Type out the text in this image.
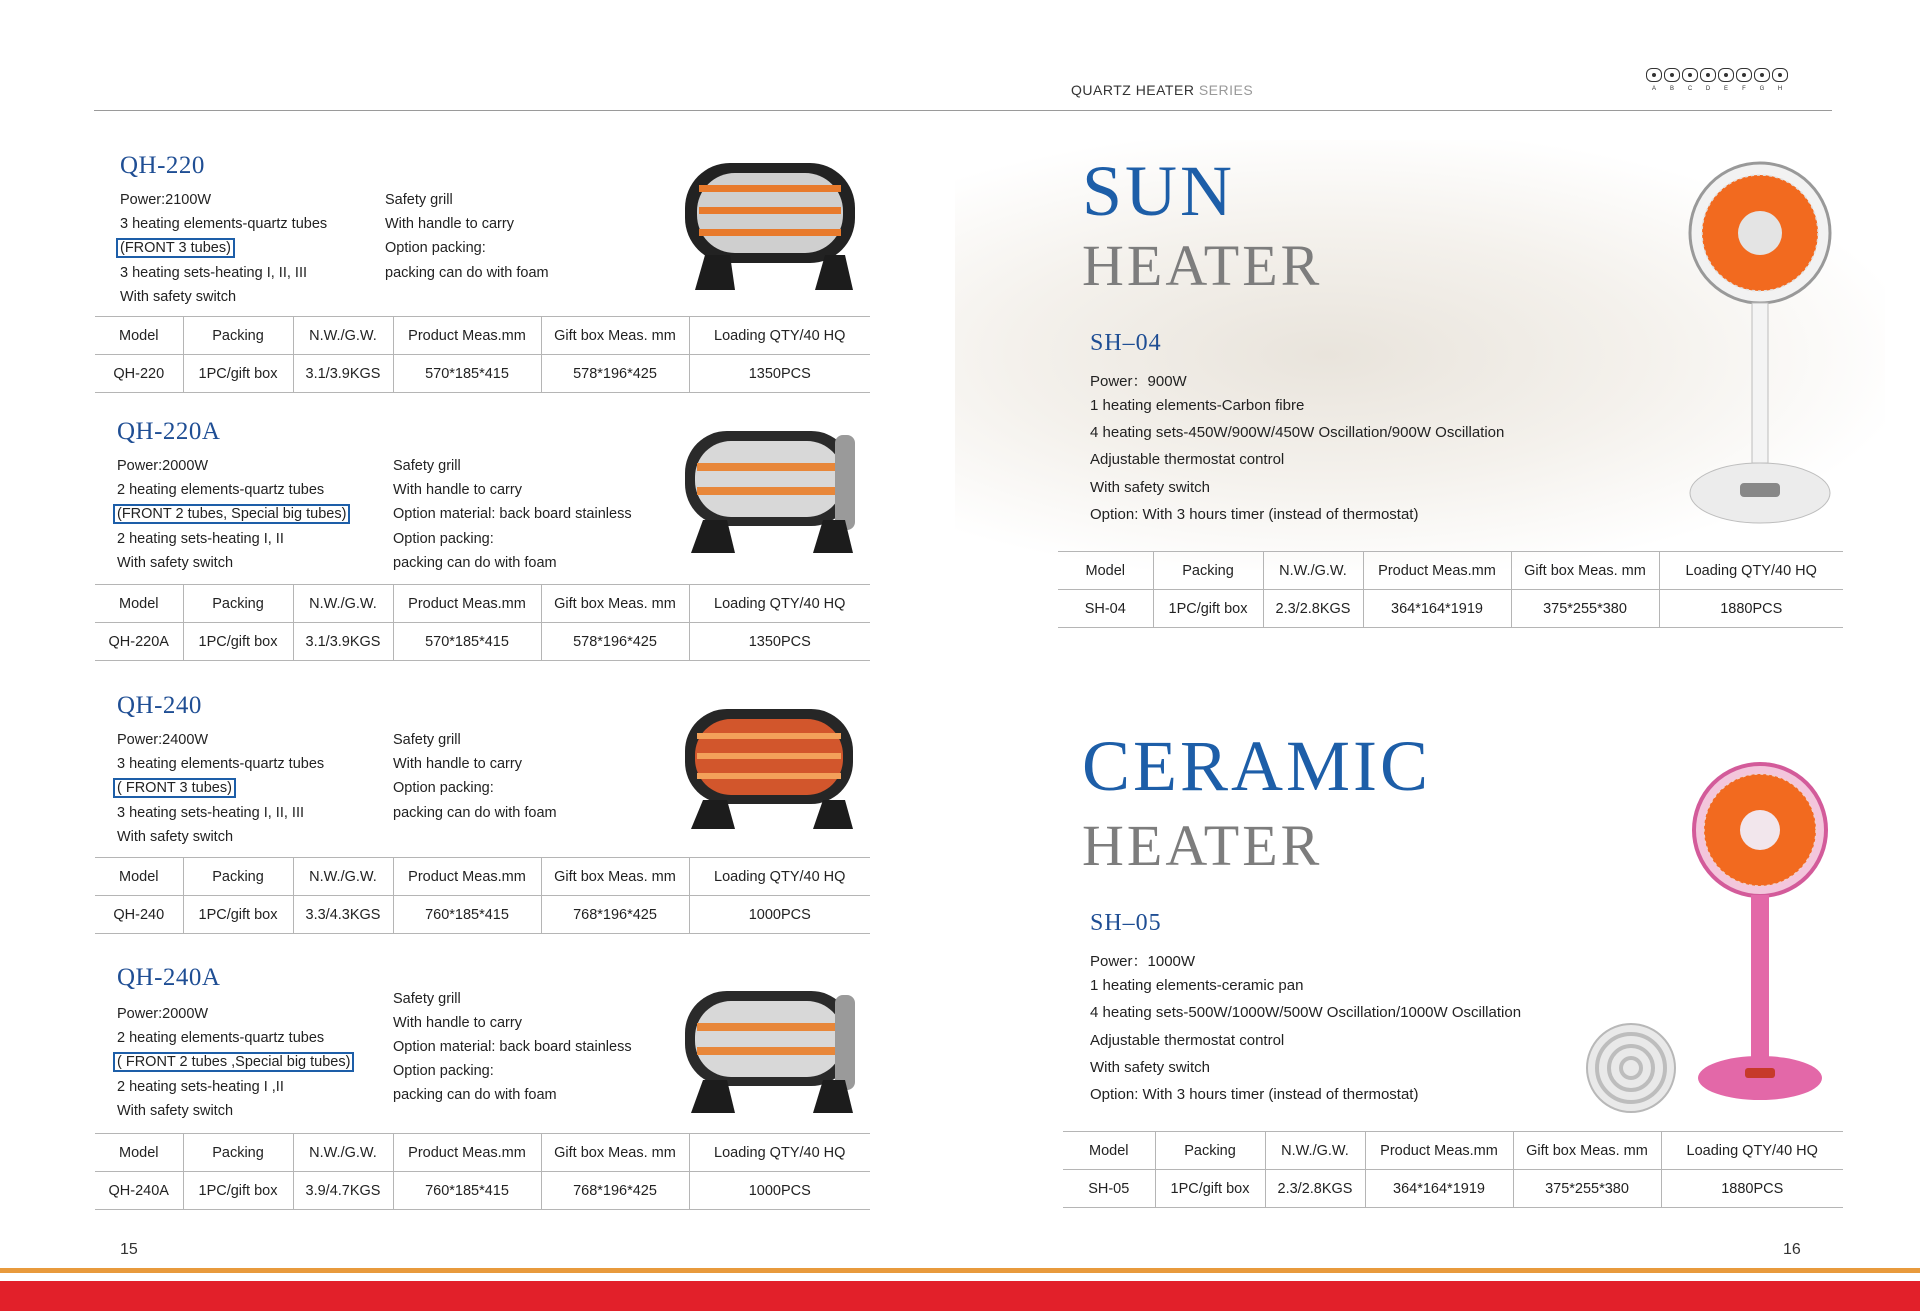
QUARTZ HEATER SERIES	A	B	C	D	E	F	G	H
QH-220
Power:2100W
3 heating elements-quartz tubes
(FRONT 3 tubes)
3 heating sets-heating I, II, III
With safety switch
Safety grill
With handle to carry
Option packing:
packing can do with foam
Model	Packing	N.W./G.W.	Product Meas.mm	Gift box Meas. mm	Loading QTY/40 HQ
QH-220	1PC/gift box	3.1/3.9KGS	570*185*415	578*196*425	1350PCS
QH-220A
Power:2000W
2 heating elements-quartz tubes
(FRONT 2 tubes, Special big tubes)
2 heating sets-heating I, II
With safety switch
Safety grill
With handle to carry
Option material: back board stainless
Option packing:
packing can do with foam
Model	Packing	N.W./G.W.	Product Meas.mm	Gift box Meas. mm	Loading QTY/40 HQ
QH-220A	1PC/gift box	3.1/3.9KGS	570*185*415	578*196*425	1350PCS
QH-240
Power:2400W
3 heating elements-quartz tubes
( FRONT 3 tubes)
3 heating sets-heating I, II, III
With safety switch
Safety grill
With handle to carry
Option packing:
packing can do with foam
Model	Packing	N.W./G.W.	Product Meas.mm	Gift box Meas. mm	Loading QTY/40 HQ
QH-240	1PC/gift box	3.3/4.3KGS	760*185*415	768*196*425	1000PCS
QH-240A
Power:2000W
2 heating elements-quartz tubes
( FRONT 2 tubes ,Special big tubes)
2 heating sets-heating I ,II
With safety switch
Safety grill
With handle to carry
Option material: back board stainless
Option packing:
packing can do with foam
Model	Packing	N.W./G.W.	Product Meas.mm	Gift box Meas. mm	Loading QTY/40 HQ
QH-240A	1PC/gift box	3.9/4.7KGS	760*185*415	768*196*425	1000PCS
SUN
HEATER
SH–04
Power：900W
1 heating elements-Carbon fibre
4 heating sets-450W/900W/450W Oscillation/900W Oscillation
Adjustable thermostat control
With safety switch
Option: With 3 hours timer (instead of thermostat)
Model	Packing	N.W./G.W.	Product Meas.mm	Gift box Meas. mm	Loading QTY/40 HQ
SH-04	1PC/gift box	2.3/2.8KGS	364*164*1919	375*255*380	1880PCS
CERAMIC
HEATER
SH–05
Power：1000W
1 heating elements-ceramic pan
4 heating sets-500W/1000W/500W Oscillation/1000W Oscillation
Adjustable thermostat control
With safety switch
Option: With 3 hours timer (instead of thermostat)
Model	Packing	N.W./G.W.	Product Meas.mm	Gift box Meas. mm	Loading QTY/40 HQ
SH-05	1PC/gift box	2.3/2.8KGS	364*164*1919	375*255*380	1880PCS
15	16
